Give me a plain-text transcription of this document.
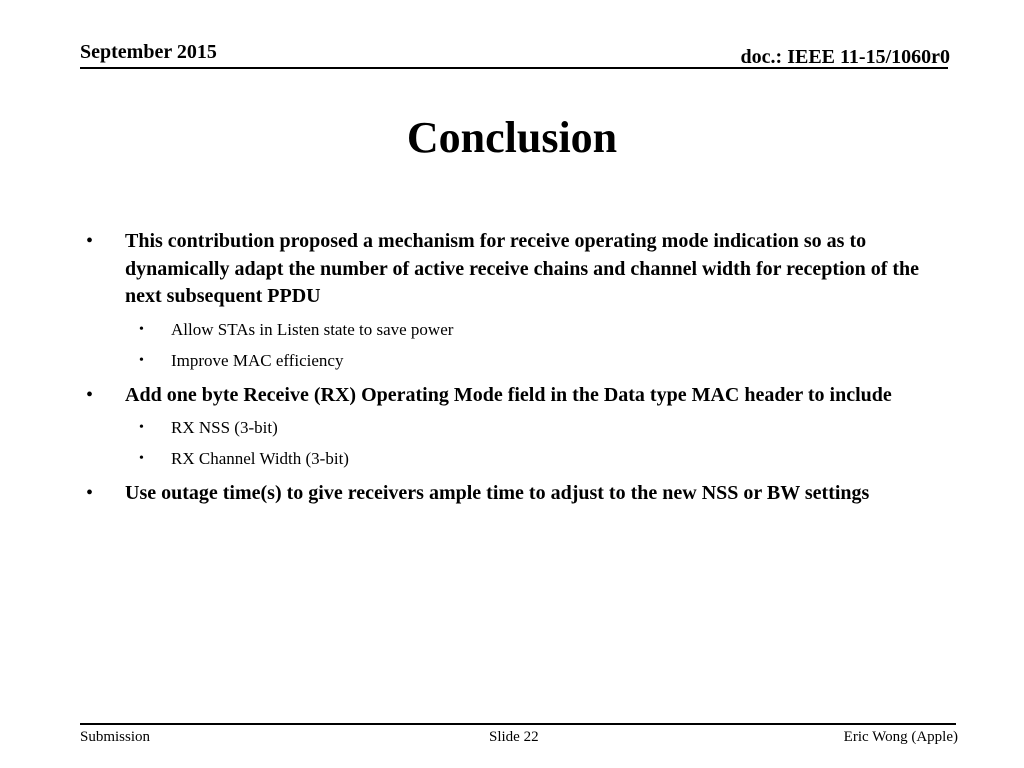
September 2015	doc.: IEEE 11-15/1060r0
Conclusion
• This contribution proposed a mechanism for receive operating mode indication so as to dynamically adapt the number of active receive chains and channel width for reception of the next subsequent PPDU
• Allow STAs in Listen state to save power
• Improve MAC efficiency
• Add one byte Receive (RX) Operating Mode field in the Data type MAC header to include
• RX NSS (3-bit)
• RX Channel Width (3-bit)
• Use outage time(s) to give receivers ample time to adjust to the new NSS or BW settings
Submission	Slide 22	Eric Wong (Apple)
